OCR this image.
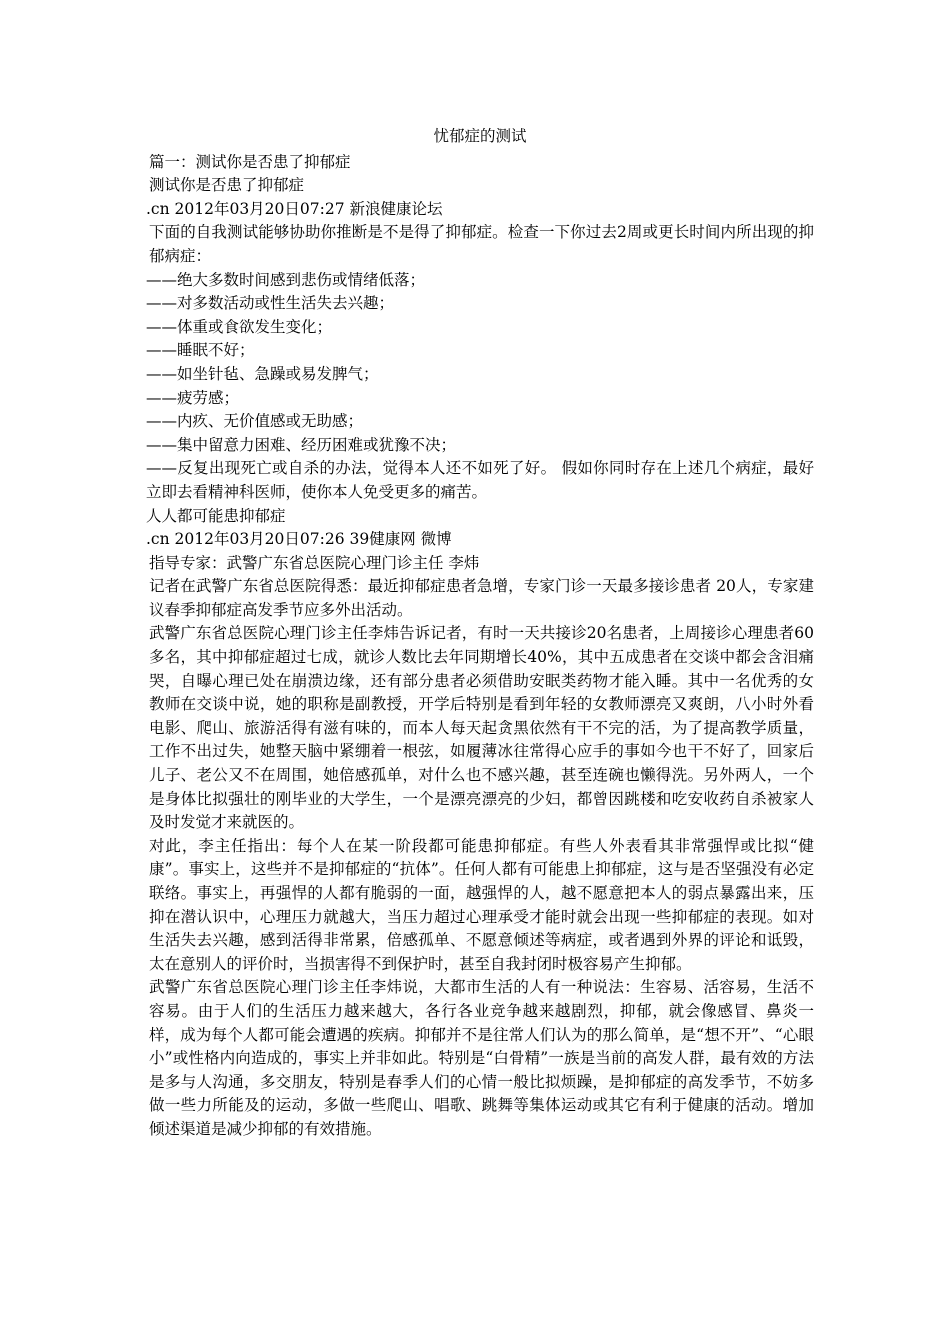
忧郁症的测试
篇一：测试你是否患了抑郁症
测试你是否患了抑郁症
.cn 2012年03月20日07:27 新浪健康论坛
下面的自我测试能够协助你推断是不是得了抑郁症。检查一下你过去2周或更长时间内所出现的抑郁病症：
——绝大多数时间感到悲伤或情绪低落；
——对多数活动或性生活失去兴趣；
——体重或食欲发生变化；
——睡眠不好；
——如坐针毡、急躁或易发脾气；
——疲劳感；
——内疚、无价值感或无助感；
——集中留意力困难、经历困难或犹豫不决；
——反复出现死亡或自杀的办法，觉得本人还不如死了好。 假如你同时存在上述几个病症，最好立即去看精神科医师，使你本人免受更多的痛苦。
人人都可能患抑郁症
.cn 2012年03月20日07:26 39健康网 微博
指导专家：武警广东省总医院心理门诊主任 李炜
记者在武警广东省总医院得悉：最近抑郁症患者急增，专家门诊一天最多接诊患者 20人，专家建议春季抑郁症高发季节应多外出活动。
武警广东省总医院心理门诊主任李炜告诉记者，有时一天共接诊20名患者，上周接诊心理患者60多名，其中抑郁症超过七成，就诊人数比去年同期增长40%，其中五成患者在交谈中都会含泪痛哭，自曝心理已处在崩溃边缘，还有部分患者必须借助安眠类药物才能入睡。其中一名优秀的女教师在交谈中说，她的职称是副教授，开学后特别是看到年轻的女教师漂亮又爽朗，八小时外看电影、爬山、旅游活得有滋有味的，而本人每天起贪黑依然有干不完的活，为了提高教学质量，工作不出过失，她整天脑中紧绷着一根弦，如履薄冰往常得心应手的事如今也干不好了，回家后儿子、老公又不在周围，她倍感孤单，对什么也不感兴趣，甚至连碗也懒得洗。另外两人，一个是身体比拟强壮的刚毕业的大学生，一个是漂亮漂亮的少妇，都曾因跳楼和吃安收药自杀被家人及时发觉才来就医的。
对此，李主任指出：每个人在某一阶段都可能患抑郁症。有些人外表看其非常强悍或比拟“健康”。事实上，这些并不是抑郁症的“抗体”。任何人都有可能患上抑郁症，这与是否坚强没有必定联络。事实上，再强悍的人都有脆弱的一面，越强悍的人，越不愿意把本人的弱点暴露出来，压抑在潜认识中，心理压力就越大，当压力超过心理承受才能时就会出现一些抑郁症的表现。如对生活失去兴趣，感到活得非常累，倍感孤单、不愿意倾述等病症，或者遇到外界的评论和诋毁，太在意别人的评价时，当损害得不到保护时，甚至自我封闭时极容易产生抑郁。
武警广东省总医院心理门诊主任李炜说，大都市生活的人有一种说法：生容易、活容易，生活不容易。由于人们的生活压力越来越大，各行各业竞争越来越剧烈，抑郁，就会像感冒、鼻炎一样，成为每个人都可能会遭遇的疾病。抑郁并不是往常人们认为的那么简单，是“想不开”、“心眼小”或性格内向造成的，事实上并非如此。特别是“白骨精”一族是当前的高发人群，最有效的方法是多与人沟通，多交朋友，特别是春季人们的心情一般比拟烦躁，是抑郁症的高发季节，不妨多做一些力所能及的运动，多做一些爬山、唱歌、跳舞等集体运动或其它有利于健康的活动。增加倾述渠道是减少抑郁的有效措施。
